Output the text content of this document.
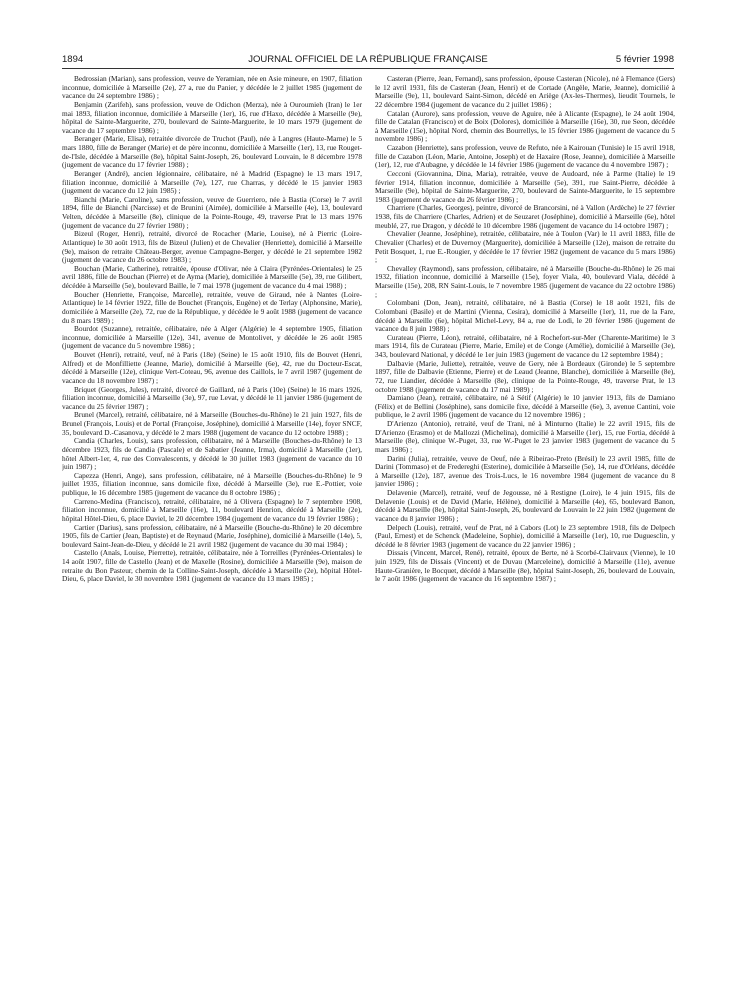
1894	JOURNAL OFFICIEL DE LA RÉPUBLIQUE FRANÇAISE	5 février 1998

Bedrossian (Marian), sans profession, veuve de Yeramian, née en Asie mineure, en 1907, filiation inconnue, domiciliée à Marseille (2e), 27 a, rue du Panier, y décédée le 2 juillet 1985 (jugement de vacance du 24 septembre 1986) ;

Benjamin (Zarifeh), sans profession, veuve de Odichon (Merza), née à Ouroumieh (Iran) le 1er mai 1893, filiation inconnue, domiciliée à Marseille (1er), 16, rue d'Haxo, décédée à Marseille (9e), hôpital de Sainte-Marguerite, 270, boulevard de Sainte-Marguerite, le 10 mars 1979 (jugement de vacance du 17 septembre 1986) ;

Beranger (Marie, Elisa), retraitée divorcée de Truchot (Paul), née à Langres (Haute-Marne) le 5 mars 1880, fille de Beranger (Marie) et de père inconnu, domiciliée à Marseille (1er), 13, rue Rouget-de-l'Isle, décédée à Marseille (8e), hôpital Saint-Joseph, 26, boulevard Louvain, le 8 décembre 1978 (jugement de vacance du 17 février 1988) ;

Beranger (André), ancien légionnaire, célibataire, né à Madrid (Espagne) le 13 mars 1917, filiation inconnue, domicilié à Marseille (7e), 127, rue Charras, y décédé le 15 janvier 1983 (jugement de vacance du 12 juin 1985) ;

Bianchi (Marie, Caroline), sans profession, veuve de Guerriero, née à Bastia (Corse) le 7 avril 1894, fille de Bianchi (Narcisse) et de Brunini (Aimée), domiciliée à Marseille (4e), 13, boulevard Velten, décédée à Marseille (8e), clinique de la Pointe-Rouge, 49, traverse Prat le 13 mars 1976 (jugement de vacance du 27 février 1980) ;

Bizeul (Roger, Henri), retraité, divorcé de Rocacher (Marie, Louise), né à Pierric (Loire-Atlantique) le 30 août 1913, fils de Bizeul (Julien) et de Chevalier (Henriette), domicilié à Marseille (9e), maison de retraite Château-Berger, avenue Campagne-Berger, y décédé le 21 septembre 1982 (jugement de vacance du 26 octobre 1983) ;

Bouchan (Marie, Catherine), retraitée, épouse d'Olivar, née à Claira (Pyrénées-Orientales) le 25 avril 1886, fille de Bouchan (Pierre) et de Ayma (Marie), domiciliée à Marseille (5e), 39, rue Gilibert, décédée à Marseille (5e), boulevard Baille, le 7 mai 1978 (jugement de vacance du 4 mai 1988) ;

Boucher (Henriette, Françoise, Marcelle), retraitée, veuve de Giraud, née à Nantes (Loire-Atlantique) le 14 février 1922, fille de Bouchet (François, Eugène) et de Terlay (Alphonsine, Marie), domiciliée à Marseille (2e), 72, rue de la République, y décédée le 9 août 1988 (jugement de vacance du 8 mars 1989) ;

Bourdot (Suzanne), retraitée, célibataire, née à Alger (Algérie) le 4 septembre 1905, filiation inconnue, domiciliée à Marseille (12e), 341, avenue de Montolivet, y décédée le 26 août 1985 (jugement de vacance du 5 novembre 1986) ;

Bouvet (Henri), retraité, veuf, né à Paris (18e) (Seine) le 15 août 1910, fils de Bouvet (Henri, Alfred) et de Monfilliette (Jeanne, Marie), domicilié à Marseille (6e), 42, rue du Docteur-Escat, décédé à Marseille (12e), clinique Vert-Coteau, 96, avenue des Caillols, le 7 avril 1987 (jugement de vacance du 18 novembre 1987) ;

Briquet (Georges, Jules), retraité, divorcé de Gaillard, né à Paris (10e) (Seine) le 16 mars 1926, filiation inconnue, domicilié à Marseille (3e), 97, rue Levat, y décédé le 11 janvier 1986 (jugement de vacance du 25 février 1987) ;

Brunel (Marcel), retraité, célibataire, né à Marseille (Bouches-du-Rhône) le 21 juin 1927, fils de Brunel (François, Louis) et de Portal (Françoise, Joséphine), domicilié à Marseille (14e), foyer SNCF, 35, boulevard D.-Casanova, y décédé le 2 mars 1988 (jugement de vacance du 12 octobre 1988) ;

Candia (Charles, Louis), sans profession, célibataire, né à Marseille (Bouches-du-Rhône) le 13 décembre 1923, fils de Candia (Pascale) et de Sabatier (Jeanne, Irma), domicilié à Marseille (1er), hôtel Albert-1er, 4, rue des Convalescents, y décédé le 30 juillet 1983 (jugement de vacance du 10 juin 1987) ;

Capezza (Henri, Ange), sans profession, célibataire, né à Marseille (Bouches-du-Rhône) le 9 juillet 1935, filiation inconnue, sans domicile fixe, décédé à Marseille (3e), rue E.-Pottier, voie publique, le 16 décembre 1985 (jugement de vacance du 8 octobre 1986) ;

Carreno-Medina (Francisco), retraité, célibataire, né à Olivera (Espagne) le 7 septembre 1908, filiation inconnue, domicilié à Marseille (16e), 11, boulevard Henrion, décédé à Marseille (2e), hôpital Hôtel-Dieu, 6, place Daviel, le 20 décembre 1984 (jugement de vacance du 19 février 1986) ;

Cartier (Darius), sans profession, célibataire, né à Marseille (Bouche-du-Rhône) le 20 décembre 1905, fils de Cartier (Jean, Baptiste) et de Reynaud (Marie, Joséphine), domicilié à Marseille (14e), 5, boulevard Saint-Jean-de-Dieu, y décédé le 21 avril 1982 (jugement de vacance du 30 mai 1984) ;

Castello (Anaïs, Louise, Pierrette), retraitée, célibataire, née à Torreilles (Pyrénées-Orientales) le 14 août 1907, fille de Castello (Jean) et de Maxelle (Rosine), domiciliée à Marseille (9e), maison de retraite du Bon Pasteur, chemin de la Colline-Saint-Joseph, décédée à Marseille (2e), hôpital Hôtel-Dieu, 6, place Daviel, le 30 novembre 1981 (jugement de vacance du 13 mars 1985) ;

Casteran (Pierre, Jean, Fernand), sans profession, épouse Casteran (Nicole), né à Flemance (Gers) le 12 avril 1931, fils de Casteran (Jean, Henri) et de Cortade (Angèle, Marie, Jeanne), domicilié à Marseille (9e), 11, boulevard Saint-Simon, décédé en Ariège (Ax-les-Thermes), lieudit Tournels, le 22 décembre 1984 (jugement de vacance du 2 juillet 1986) ;

Catalan (Aurore), sans profession, veuve de Aguire, née à Alicante (Espagne), le 24 août 1904, fille de Catalan (Francisco) et de Boix (Dolores), domiciliée à Marseille (16e), 30, rue Seon, décédée à Marseille (15e), hôpital Nord, chemin des Bourrellys, le 15 février 1986 (jugement de vacance du 5 novembre 1986) ;

Cazabon (Henriette), sans profession, veuve de Refuto, née à Kairouan (Tunisie) le 15 avril 1918, fille de Cazabon (Léon, Marie, Antoine, Joseph) et de Haxaire (Rose, Jeanne), domiciliée à Marseille (1er), 12, rue d'Aubagne, y décédée le 14 février 1986 (jugement de vacance du 4 novembre 1987) ;

Cecconi (Giovannina, Dina, Maria), retraitée, veuve de Audoard, née à Parme (Italie) le 19 février 1914, filiation inconnue, domiciliée à Marseille (5e), 391, rue Saint-Pierre, décédée à Marseille (9e), hôpital de Sainte-Marguerite, 270, boulevard de Sainte-Marguerite, le 15 septembre 1983 (jugement de vacance du 26 février 1986) ;

Charriere (Charles, Georges), peintre, divorcé de Brancorsini, né à Vallon (Ardèche) le 27 février 1938, fils de Charriere (Charles, Adrien) et de Seuzaret (Joséphine), domicilié à Marseille (6e), hôtel meublé, 27, rue Dragon, y décédé le 10 décembre 1986 (jugement de vacance du 14 octobre 1987) ;

Chevalier (Jeanne, Joséphine), retraitée, célibataire, née à Toulon (Var) le 11 avril 1883, fille de Chevalier (Charles) et de Duvernoy (Marguerite), domiciliée à Marseille (12e), maison de retraite du Petit Bosquet, 1, rue E.-Rougier, y décédée le 17 février 1982 (jugement de vacance du 5 mars 1986) ;

Chevalley (Raymond), sans profession, célibataire, né à Marseille (Bouche-du-Rhône) le 26 mai 1932, filiation inconnue, domicilié à Marseille (15e), foyer Viala, 40, boulevard Viala, décédé à Marseille (15e), 208, RN Saint-Louis, le 7 novembre 1985 (jugement de vacance du 22 octobre 1986) ;

Colombani (Don, Jean), retraité, célibataire, né à Bastia (Corse) le 18 août 1921, fils de Colombani (Basile) et de Martini (Vienna, Cesira), domicilié à Marseille (1er), 11, rue de la Fare, décédé à Marseille (6e), hôpital Michel-Levy, 84 a, rue de Lodi, le 20 février 1986 (jugement de vacance du 8 juin 1988) ;

Curateau (Pierre, Léon), retraité, célibataire, né à Rochefort-sur-Mer (Charente-Maritime) le 3 mars 1914, fils de Curateau (Pierre, Marie, Emile) et de Conge (Amélie), domicilié à Marseille (3e), 343, boulevard National, y décédé le 1er juin 1983 (jugement de vacance du 12 septembre 1984) ;

Dalbavie (Marie, Juliette), retraitée, veuve de Gery, née à Bordeaux (Gironde) le 5 septembre 1897, fille de Dalbavie (Etienne, Pierre) et de Leaud (Jeanne, Blanche), domiciliée à Marseille (8e), 72, rue Liandier, décédée à Marseille (8e), clinique de la Pointe-Rouge, 49, traverse Prat, le 13 octobre 1988 (jugement de vacance du 17 mai 1989) ;

Damiano (Jean), retraité, célibataire, né à Sétif (Algérie) le 10 janvier 1913, fils de Damiano (Félix) et de Bellini (Joséphine), sans domicile fixe, décédé à Marseille (6e), 3, avenue Cantini, voie publique, le 2 avril 1986 (jugement de vacance du 12 novembre 1986) ;

D'Arienzo (Antonio), retraité, veuf de Trani, né à Minturno (Italie) le 22 avril 1915, fils de D'Arienzo (Erasmo) et de Mallozzi (Michelina), domicilié à Marseille (1er), 15, rue Fortia, décédé à Marseille (8e), clinique W.-Puget, 33, rue W.-Puget le 23 janvier 1983 (jugement de vacance du 5 mars 1986) ;

Darini (Julia), retraitée, veuve de Oeuf, née à Ribeirao-Preto (Brésil) le 23 avril 1985, fille de Darini (Tommaso) et de Fredereghi (Esterine), domiciliée à Marseille (5e), 14, rue d'Orléans, décédée à Marseille (12e), 187, avenue des Trois-Lucs, le 16 novembre 1984 (jugement de vacance du 8 janvier 1986) ;

Delavenie (Marcel), retraité, veuf de Jegousse, né à Restigne (Loire), le 4 juin 1915, fils de Delavenie (Louis) et de David (Marie, Hélène), domicilié à Marseille (4e), 65, boulevard Banon, décédé à Marseille (8e), hôpital Saint-Joseph, 26, boulevard de Louvain le 22 juin 1982 (jugement de vacance du 8 janvier 1986) ;

Delpech (Louis), retraité, veuf de Prat, né à Cabors (Lot) le 23 septembre 1918, fils de Delpech (Paul, Ernest) et de Schenck (Madeleine, Sophie), domicilié à Marseille (1er), 10, rue Duguesclin, y décédé le 8 février 1983 (jugement de vacance du 22 janvier 1986) ;

Dissais (Vincent, Marcel, René), retraité, époux de Berte, né à Scorbé-Clairvaux (Vienne), le 10 juin 1929, fils de Dissais (Vincent) et de Duvau (Marceleine), domicilié à Marseille (11e), avenue Haute-Granière, le Bocquet, décédé à Marseille (8e), hôpital Saint-Joseph, 26, boulevard de Louvain, le 7 août 1986 (jugement de vacance du 16 septembre 1987) ;
